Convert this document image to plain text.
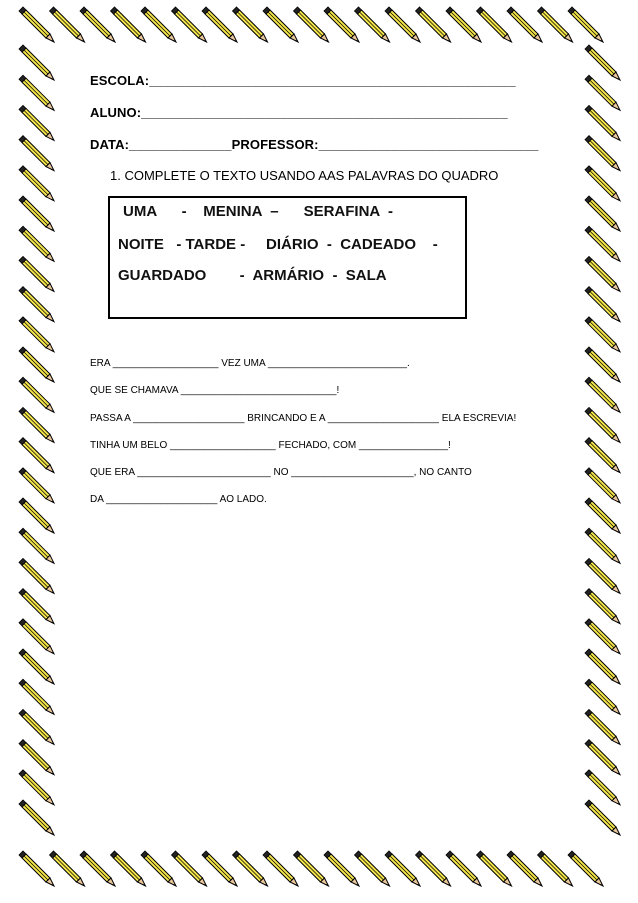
ESCOLA:__________________________________________________
ALUNO:__________________________________________________
DATA:______________PROFESSOR:______________________________
1. COMPLETE O TEXTO USANDO AAS PALAVRAS DO QUADRO
UMA      -    MENINA  –      SERAFINA  -
NOITE   - TARDE -     DIÁRIO  -  CADEADO    -
GUARDADO        -  ARMÁRIO  -  SALA
ERA ___________________ VEZ UMA _________________________.
QUE SE CHAMAVA ____________________________!
PASSA A ____________________ BRINCANDO E A ____________________ ELA ESCREVIA!
TINHA UM BELO ___________________ FECHADO, COM ________________!
QUE ERA ________________________ NO ______________________, NO CANTO
DA ____________________ AO LADO.
